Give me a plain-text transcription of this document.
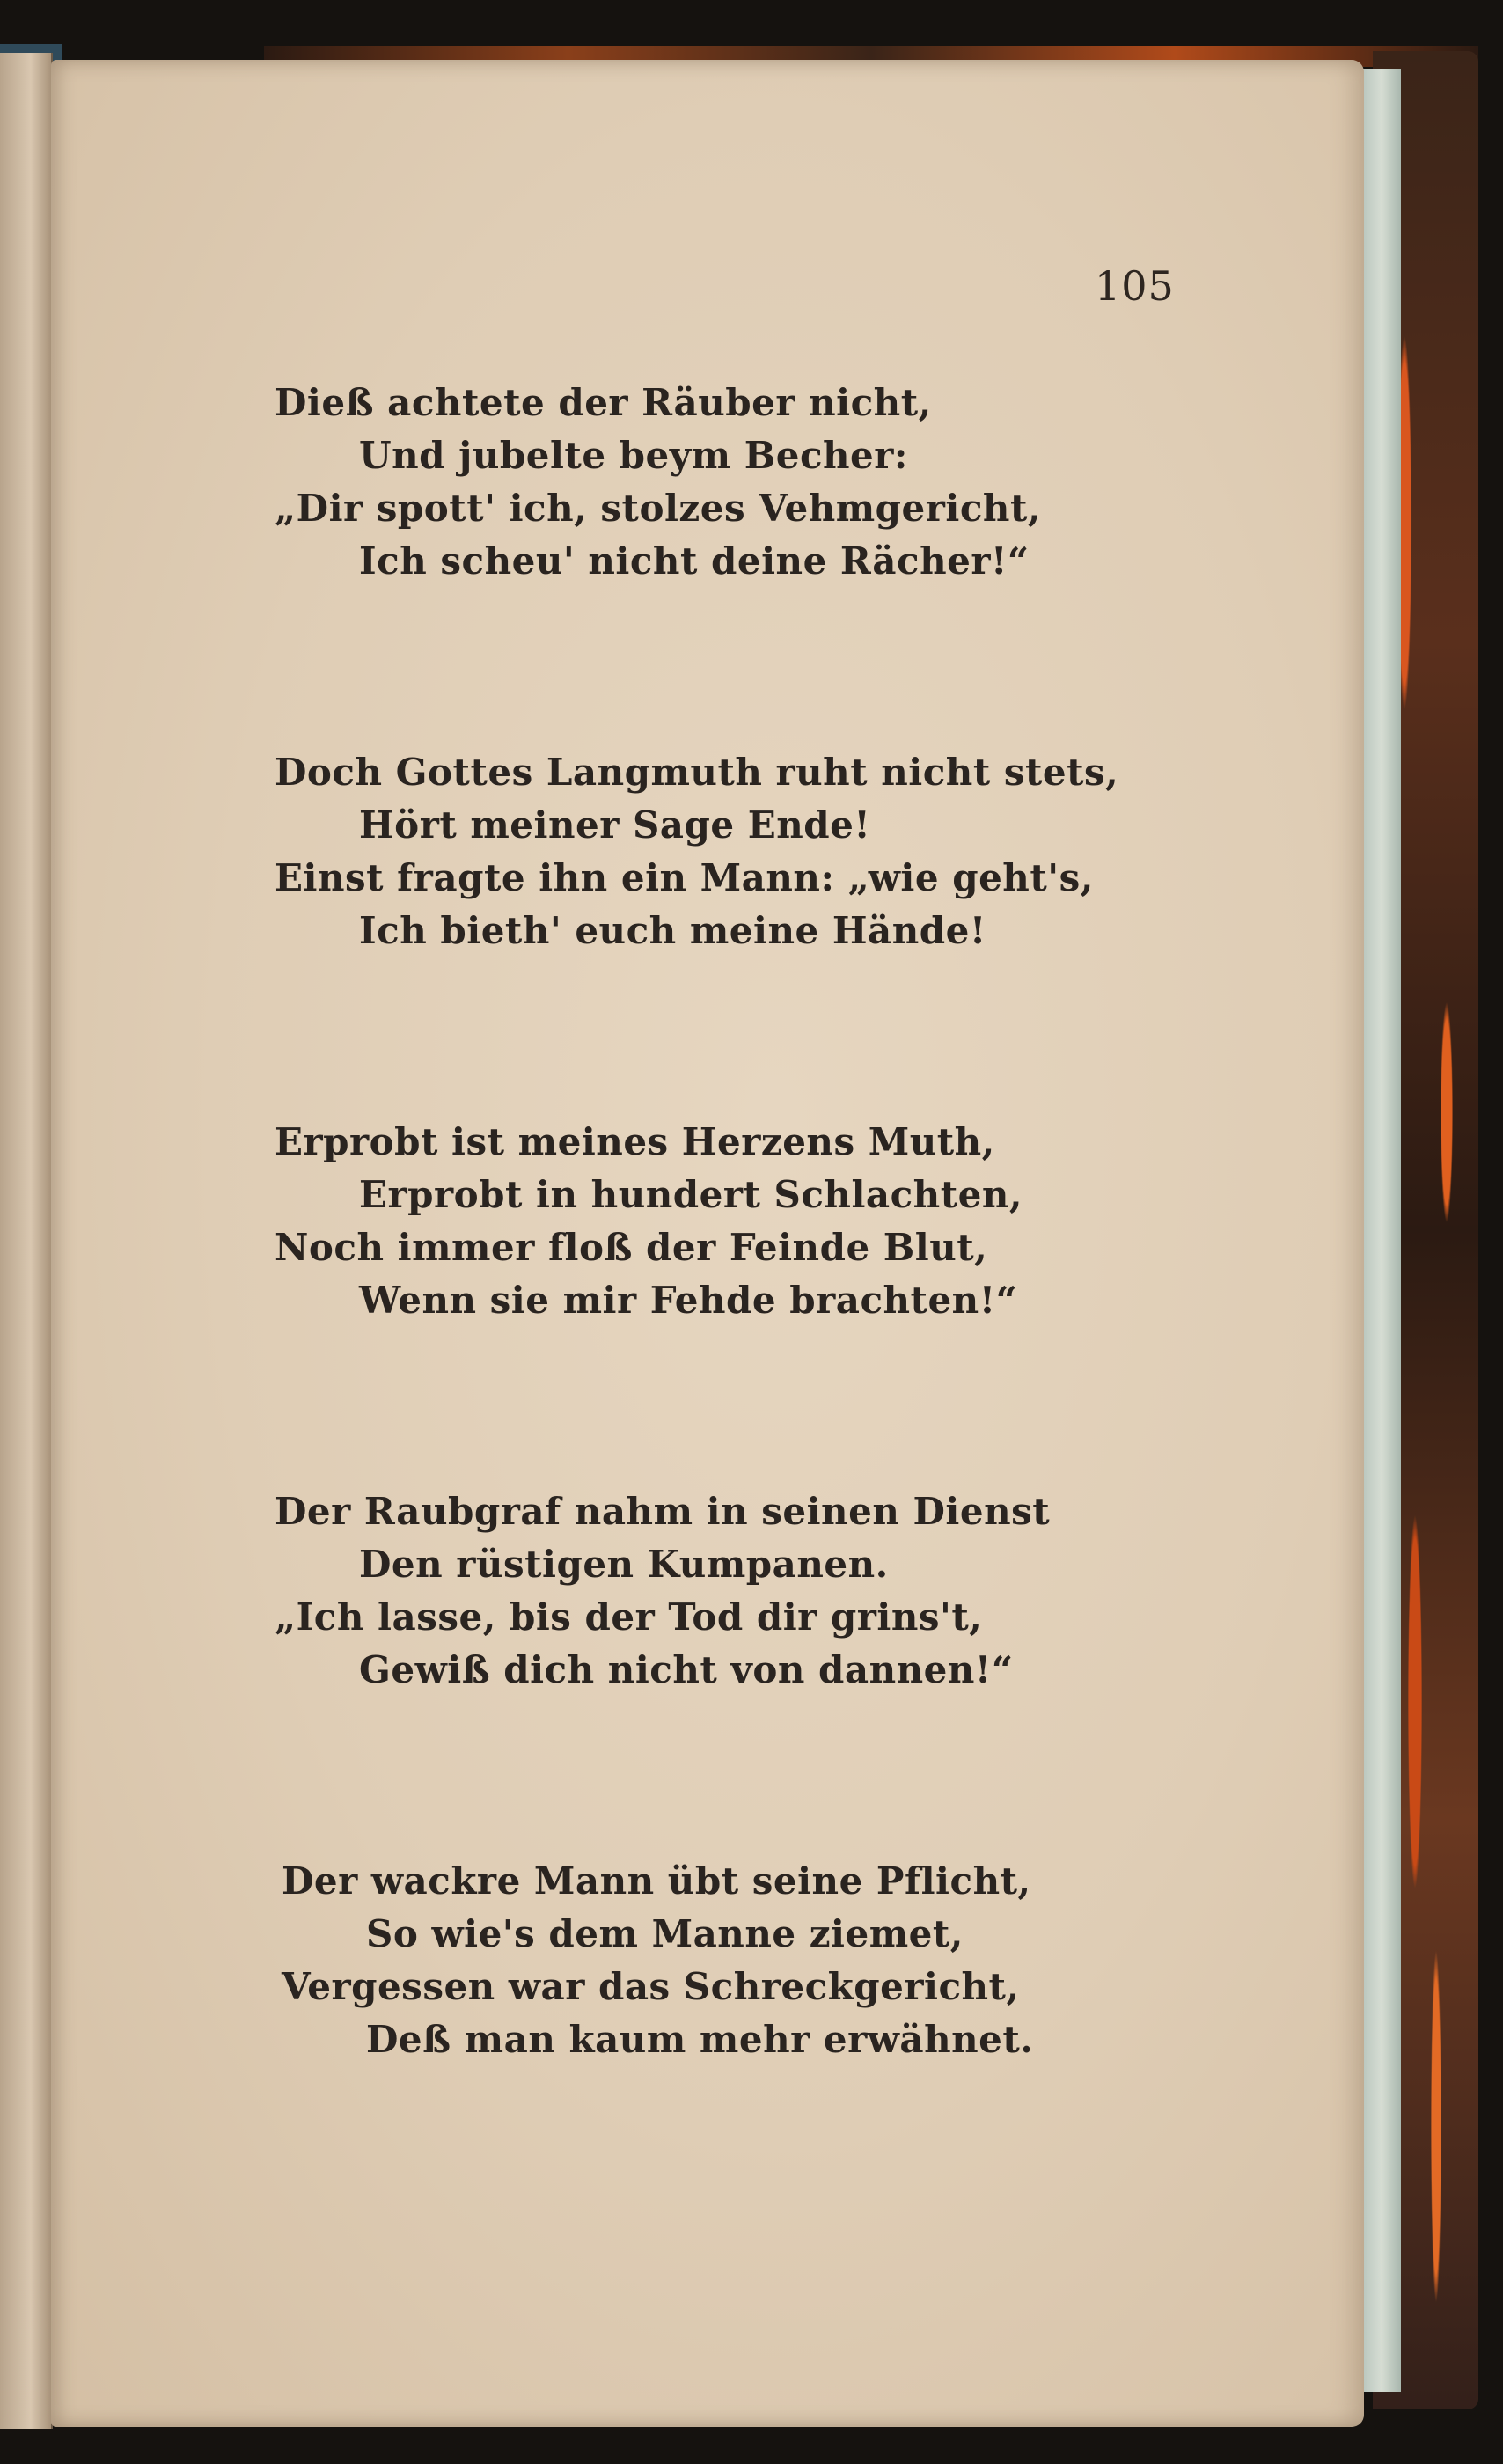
105
Dieß achtete der Räuber nicht,
Und jubelte beym Becher:
„Dir spott' ich, stolzes Vehmgericht,
Ich scheu' nicht deine Rächer!“
Doch Gottes Langmuth ruht nicht stets,
Hört meiner Sage Ende!
Einst fragte ihn ein Mann: „wie geht's,
Ich bieth' euch meine Hände!
Erprobt ist meines Herzens Muth,
Erprobt in hundert Schlachten,
Noch immer floß der Feinde Blut,
Wenn sie mir Fehde brachten!“
Der Raubgraf nahm in seinen Dienst
Den rüstigen Kumpanen.
„Ich lasse, bis der Tod dir grins't,
Gewiß dich nicht von dannen!“
Der wackre Mann übt seine Pflicht,
So wie's dem Manne ziemet,
Vergessen war das Schreckgericht,
Deß man kaum mehr erwähnet.
